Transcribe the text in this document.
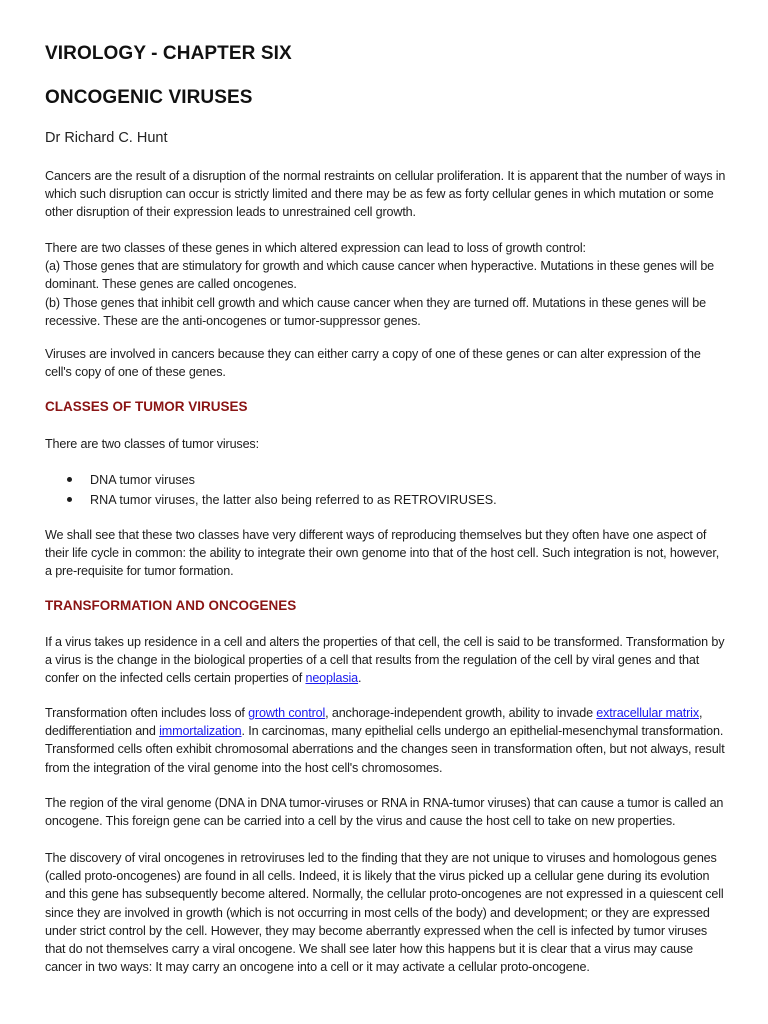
VIROLOGY - CHAPTER SIX
ONCOGENIC VIRUSES
Dr Richard C. Hunt

Cancers are the result of a disruption of the normal restraints on cellular proliferation. It is apparent that the number of ways in
which such disruption can occur is strictly limited and there may be as few as forty cellular genes in which mutation or some
other disruption of their expression leads to unrestrained cell growth.

There are two classes of these genes in which altered expression can lead to loss of growth control:
(a) Those genes that are stimulatory for growth and which cause cancer when hyperactive. Mutations in these genes will be
dominant. These genes are called oncogenes.
(b) Those genes that inhibit cell growth and which cause cancer when they are turned off. Mutations in these genes will be
recessive. These are the anti-oncogenes or tumor-suppressor genes.

Viruses are involved in cancers because they can either carry a copy of one of these genes or can alter expression of the
cell's copy of one of these genes.

CLASSES OF TUMOR VIRUSES

There are two classes of tumor viruses:

DNA tumor viruses
RNA tumor viruses, the latter also being referred to as RETROVIRUSES.

We shall see that these two classes have very different ways of reproducing themselves but they often have one aspect of
their life cycle in common: the ability to integrate their own genome into that of the host cell. Such integration is not, however,
a pre-requisite for tumor formation.

TRANSFORMATION AND ONCOGENES

If a virus takes up residence in a cell and alters the properties of that cell, the cell is said to be transformed. Transformation by
a virus is the change in the biological properties of a cell that results from the regulation of the cell by viral genes and that
confer on the infected cells certain properties of neoplasia.

Transformation often includes loss of growth control, anchorage-independent growth, ability to invade extracellular matrix,
dedifferentiation and immortalization. In carcinomas, many epithelial cells undergo an epithelial-mesenchymal transformation.
Transformed cells often exhibit chromosomal aberrations and the changes seen in transformation often, but not always, result
from the integration of the viral genome into the host cell's chromosomes.

The region of the viral genome (DNA in DNA tumor-viruses or RNA in RNA-tumor viruses) that can cause a tumor is called an
oncogene. This foreign gene can be carried into a cell by the virus and cause the host cell to take on new properties.

The discovery of viral oncogenes in retroviruses led to the finding that they are not unique to viruses and homologous genes
(called proto-oncogenes) are found in all cells. Indeed, it is likely that the virus picked up a cellular gene during its evolution
and this gene has subsequently become altered. Normally, the cellular proto-oncogenes are not expressed in a quiescent cell
since they are involved in growth (which is not occurring in most cells of the body) and development; or they are expressed
under strict control by the cell. However, they may become aberrantly expressed when the cell is infected by tumor viruses
that do not themselves carry a viral oncogene. We shall see later how this happens but it is clear that a virus may cause
cancer in two ways: It may carry an oncogene into a cell or it may activate a cellular proto-oncogene.
